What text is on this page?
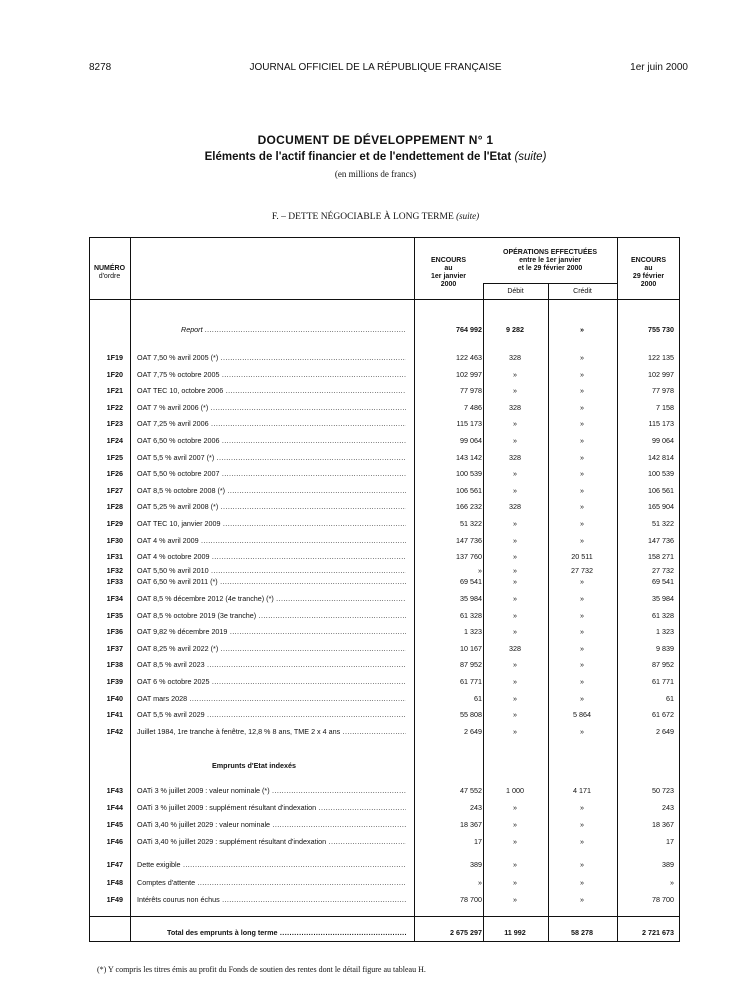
8278	JOURNAL OFFICIEL DE LA RÉPUBLIQUE FRANÇAISE	1er juin 2000
DOCUMENT DE DÉVELOPPEMENT N° 1
Eléments de l'actif financier et de l'endettement de l'Etat (suite)
(en millions de francs)
F. – DETTE NÉGOCIABLE À LONG TERME (suite)
NUMÉRO
d'ordre
ENCOURS
au
1er janvier
2000
OPÉRATIONS EFFECTUÉES
entre le 1er janvier
et le 29 février 2000
Débit	Crédit
ENCOURS
au
29 février
2000
Report .....	764 992	9 282	»	755 730
1F19 OAT 7,50 % avril 2005 (*) .....	122 463	328	»	122 135
1F20 OAT 7,75 % octobre 2005 .....	102 997	»	»	102 997
1F21 OAT TEC 10, octobre 2006 .....	77 978	»	»	77 978
1F22 OAT 7 % avril 2006 (*) .....	7 486	328	»	7 158
1F23 OAT 7,25 % avril 2006 .....	115 173	»	»	115 173
1F24 OAT 6,50 % octobre 2006 .....	99 064	»	»	99 064
1F25 OAT 5,5 % avril 2007 (*) .....	143 142	328	»	142 814
1F26 OAT 5,50 % octobre 2007 .....	100 539	»	»	100 539
1F27 OAT 8,5 % octobre 2008 (*) .....	106 561	»	»	106 561
1F28 OAT 5,25 % avril 2008 (*) .....	166 232	328	»	165 904
1F29 OAT TEC 10, janvier 2009 .....	51 322	»	»	51 322
1F30 OAT 4 % avril 2009 .....	147 736	»	»	147 736
1F31 OAT 4 % octobre 2009 .....	137 760	»	20 511	158 271
1F32 OAT 5,50 % avril 2010 .....	»	»	27 732	27 732
1F33 OAT 6,50 % avril 2011 (*) .....	69 541	»	»	69 541
1F34 OAT 8,5 % décembre 2012 (4e tranche) (*) .....	35 984	»	»	35 984
1F35 OAT 8,5 % octobre 2019 (3e tranche) .....	61 328	»	»	61 328
1F36 OAT 9,82 % décembre 2019 .....	1 323	»	»	1 323
1F37 OAT 8,25 % avril 2022 (*) .....	10 167	328	»	9 839
1F38 OAT 8,5 % avril 2023 .....	87 952	»	»	87 952
1F39 OAT 6 % octobre 2025 .....	61 771	»	»	61 771
1F40 OAT mars 2028 .....	61	»	»	61
1F41 OAT 5,5 % avril 2029 .....	55 808	»	5 864	61 672
1F42 Juillet 1984, 1re tranche à fenêtre, 12,8 % 8 ans, TME 2 x 4 ans .....	2 649	»	»	2 649
Emprunts d'Etat indexés
1F43 OATi 3 % juillet 2009 : valeur nominale (*) .....	47 552	1 000	4 171	50 723
1F44 OATi 3 % juillet 2009 : supplément résultant d'indexation .....	243	»	»	243
1F45 OATi 3,40 % juillet 2029 : valeur nominale .....	18 367	»	»	18 367
1F46 OATi 3,40 % juillet 2029 : supplément résultant d'indexation .....	17	»	»	17
1F47 Dette exigible .....	389	»	»	389
1F48 Comptes d'attente .....	»	»	»	»
1F49 Intérêts courus non échus .....	78 700	»	»	78 700
Total des emprunts à long terme .....	2 675 297	11 992	58 278	2 721 673
(*) Y compris les titres émis au profit du Fonds de soutien des rentes dont le détail figure au tableau H.
